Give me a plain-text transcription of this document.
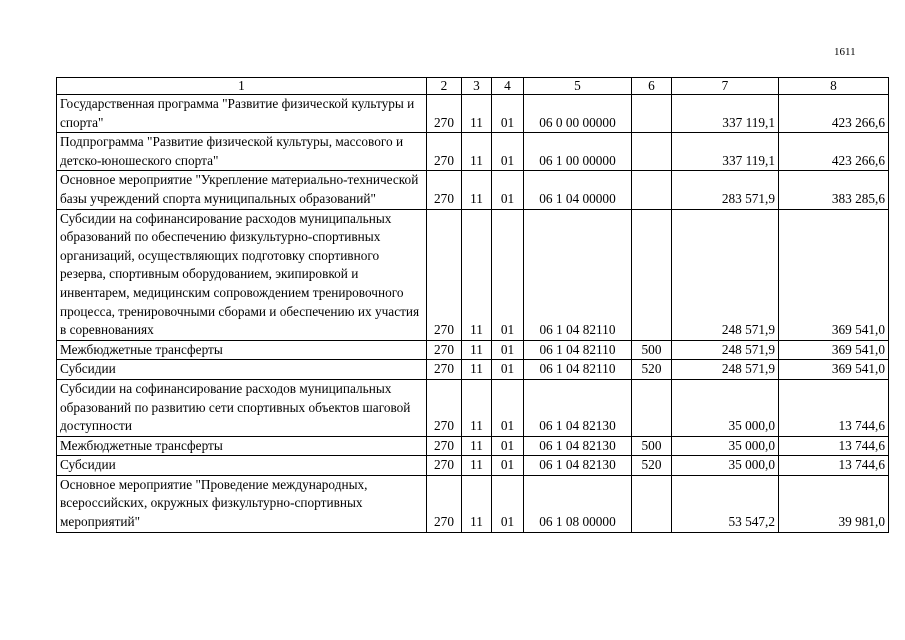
1611
1	2	3	4	5	6	7	8
Государственная программа "Развитие физической культуры и спорта"	270	11	01	06 0 00 00000		337 119,1	423 266,6
Подпрограмма "Развитие физической культуры, массового и детско-юношеского спорта"	270	11	01	06 1 00 00000		337 119,1	423 266,6
Основное мероприятие "Укрепление материально-технической базы учреждений спорта муниципальных образований"	270	11	01	06 1 04 00000		283 571,9	383 285,6
Субсидии на софинансирование расходов муниципальных образований по обеспечению физкультурно-спортивных организаций, осуществляющих подготовку спортивного резерва, спортивным оборудованием, экипировкой и инвентарем, медицинским сопровождением тренировочного процесса, тренировочными сборами и обеспечению их участия в соревнованиях	270	11	01	06 1 04 82110		248 571,9	369 541,0
Межбюджетные трансферты	270	11	01	06 1 04 82110	500	248 571,9	369 541,0
Субсидии	270	11	01	06 1 04 82110	520	248 571,9	369 541,0
Субсидии на софинансирование расходов муниципальных образований по развитию сети спортивных объектов шаговой доступности	270	11	01	06 1 04 82130		35 000,0	13 744,6
Межбюджетные трансферты	270	11	01	06 1 04 82130	500	35 000,0	13 744,6
Субсидии	270	11	01	06 1 04 82130	520	35 000,0	13 744,6
Основное мероприятие "Проведение международных, всероссийских, окружных физкультурно-спортивных мероприятий"	270	11	01	06 1 08 00000		53 547,2	39 981,0
